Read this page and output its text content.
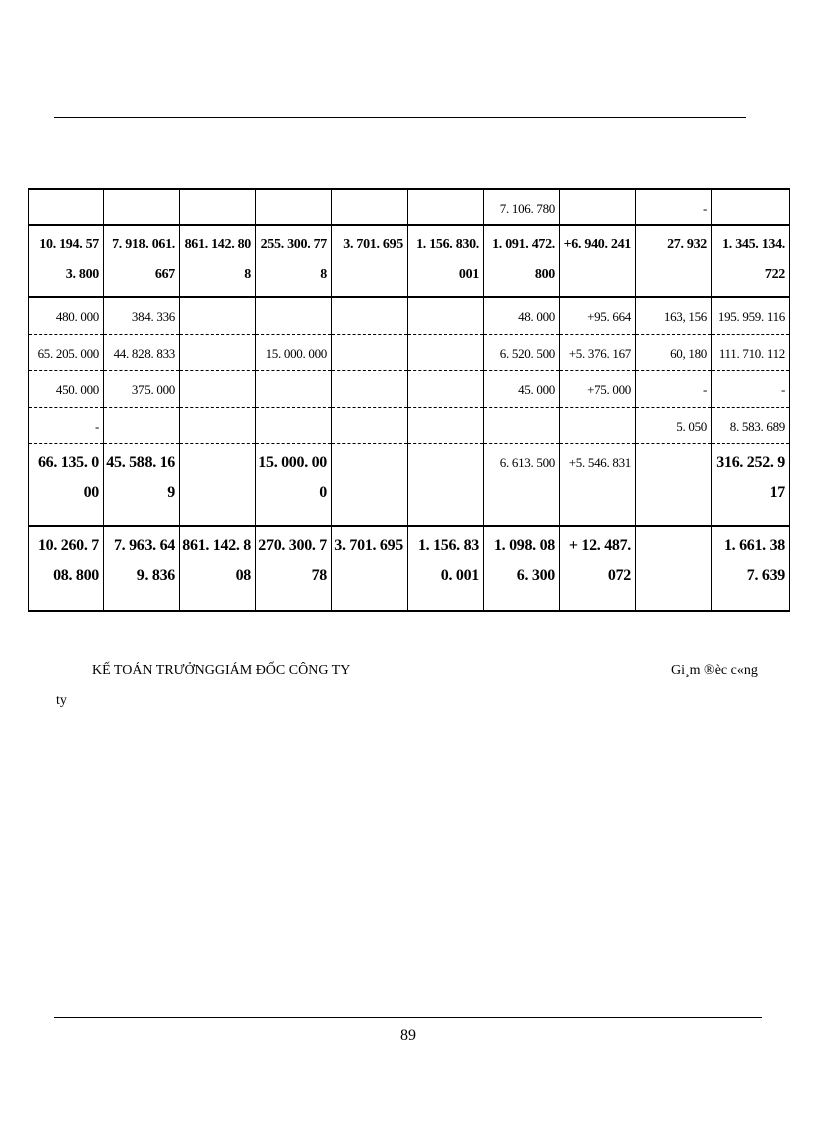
						7. 106. 780		-	
10. 194. 573. 800	7. 918. 061. 667	861. 142. 808	255. 300. 778	3. 701. 695	1. 156. 830. 001	1. 091. 472. 800	+6. 940. 241	27. 932	1. 345. 134. 722
480. 000	384. 336					48. 000	+95. 664	163, 156	195. 959. 116
65. 205. 000	44. 828. 833		15. 000. 000			6. 520. 500	+5. 376. 167	60, 180	111. 710. 112
450. 000	375. 000					45. 000	+75. 000	-	-
-								5. 050	8. 583. 689
66. 135. 000	45. 588. 169		15. 000. 000			6. 613. 500	+5. 546. 831		316. 252. 917
10. 260. 708. 800	7. 963. 649. 836	861. 142. 808	270. 300. 778	3. 701. 695	1. 156. 830. 001	1. 098. 086. 300	+ 12. 487. 072		1. 661. 387. 639
KẾ TOÁN TRƯỞNGGIÁM ĐỐC CÔNG TY	Gi¸m ®èc c«ng
ty
89
